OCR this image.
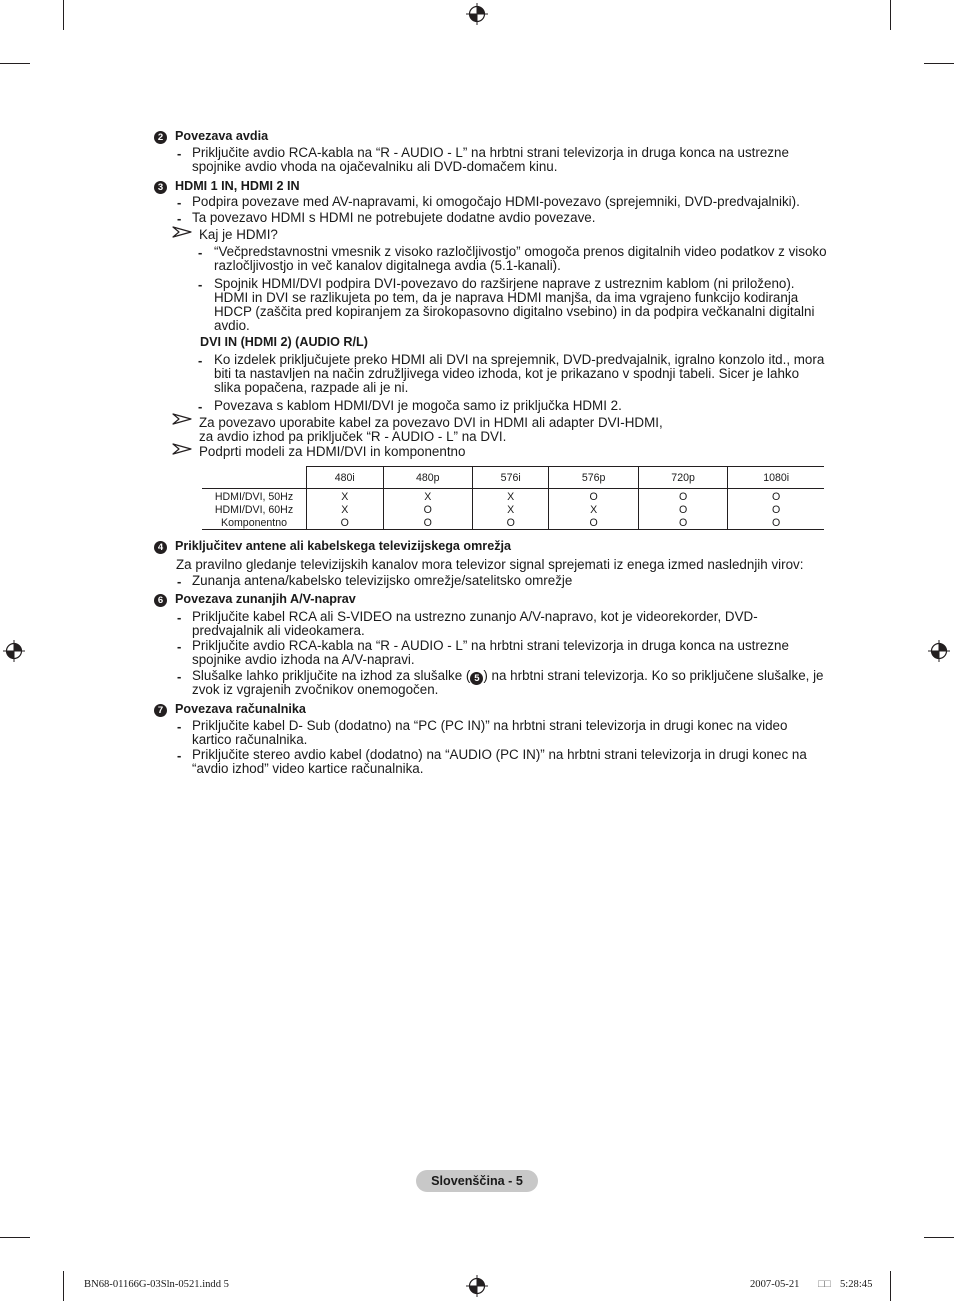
2 Povezava avdia
- Priključite avdio RCA-kabla na “R - AUDIO - L” na hrbtni strani televizorja in druga konca na ustrezne
spojnike avdio vhoda na ojačevalniku ali DVD-domačem kinu.
3 HDMI 1 IN, HDMI 2 IN
- Podpira povezave med AV-napravami, ki omogočajo HDMI-povezavo (sprejemniki, DVD-predvajalniki).
- Ta povezavo HDMI s HDMI ne potrebujete dodatne avdio povezave.
Kaj je HDMI?
- “Večpredstavnostni vmesnik z visoko razločljivostjo” omogoča prenos digitalnih video podatkov z visoko
razločljivostjo in več kanalov digitalnega avdia (5.1-kanali).
- Spojnik HDMI/DVI podpira DVI-povezavo do razširjene naprave z ustreznim kablom (ni priloženo).
HDMI in DVI se razlikujeta po tem, da je naprava HDMI manjša, da ima vgrajeno funkcijo kodiranja
HDCP (zaščita pred kopiranjem za širokopasovno digitalno vsebino) in da podpira večkanalni digitalni
avdio.
DVI IN (HDMI 2) (AUDIO R/L)
- Ko izdelek priključujete preko HDMI ali DVI na sprejemnik, DVD-predvajalnik, igralno konzolo itd., mora
biti ta nastavljen na način združljivega video izhoda, kot je prikazano v spodnji tabeli. Sicer je lahko
slika popačena, razpade ali je ni.
- Povezava s kablom HDMI/DVI je mogoča samo iz priključka HDMI 2.
Za povezavo uporabite kabel za povezavo DVI in HDMI ali adapter DVI-HDMI,
za avdio izhod pa priključek “R - AUDIO - L” na DVI.
Podprti modeli za HDMI/DVI in komponentno
	480i	480p	576i	576p	720p	1080i
HDMI/DVI, 50Hz	X	X	X	O	O	O
HDMI/DVI, 60Hz	X	O	X	X	O	O
Komponentno	O	O	O	O	O	O
4 Priključitev antene ali kabelskega televizijskega omrežja
Za pravilno gledanje televizijskih kanalov mora televizor signal sprejemati iz enega izmed naslednjih virov:
- Zunanja antena/kabelsko televizijsko omrežje/satelitsko omrežje
6 Povezava zunanjih A/V-naprav
- Priključite kabel RCA ali S-VIDEO na ustrezno zunanjo A/V-napravo, kot je videorekorder, DVD-
predvajalnik ali videokamera.
- Priključite avdio RCA-kabla na “R - AUDIO - L” na hrbtni strani televizorja in druga konca na ustrezne
spojnike avdio izhoda na A/V-napravi.
- Slušalke lahko priključite na izhod za slušalke ( 5 ) na hrbtni strani televizorja. Ko so priključene slušalke, je
zvok iz vgrajenih zvočnikov onemogočen.
7 Povezava računalnika
- Priključite kabel D- Sub (dodatno) na “PC (PC IN)” na hrbtni strani televizorja in drugi konec na video
kartico računalnika.
- Priključite stereo avdio kabel (dodatno) na “AUDIO (PC IN)” na hrbtni strani televizorja in drugi konec na
“avdio izhod” video kartice računalnika.
Slovenščina - 5
BN68-01166G-03Sln-0521.indd 5	2007-05-21 □□ 5:28:45
